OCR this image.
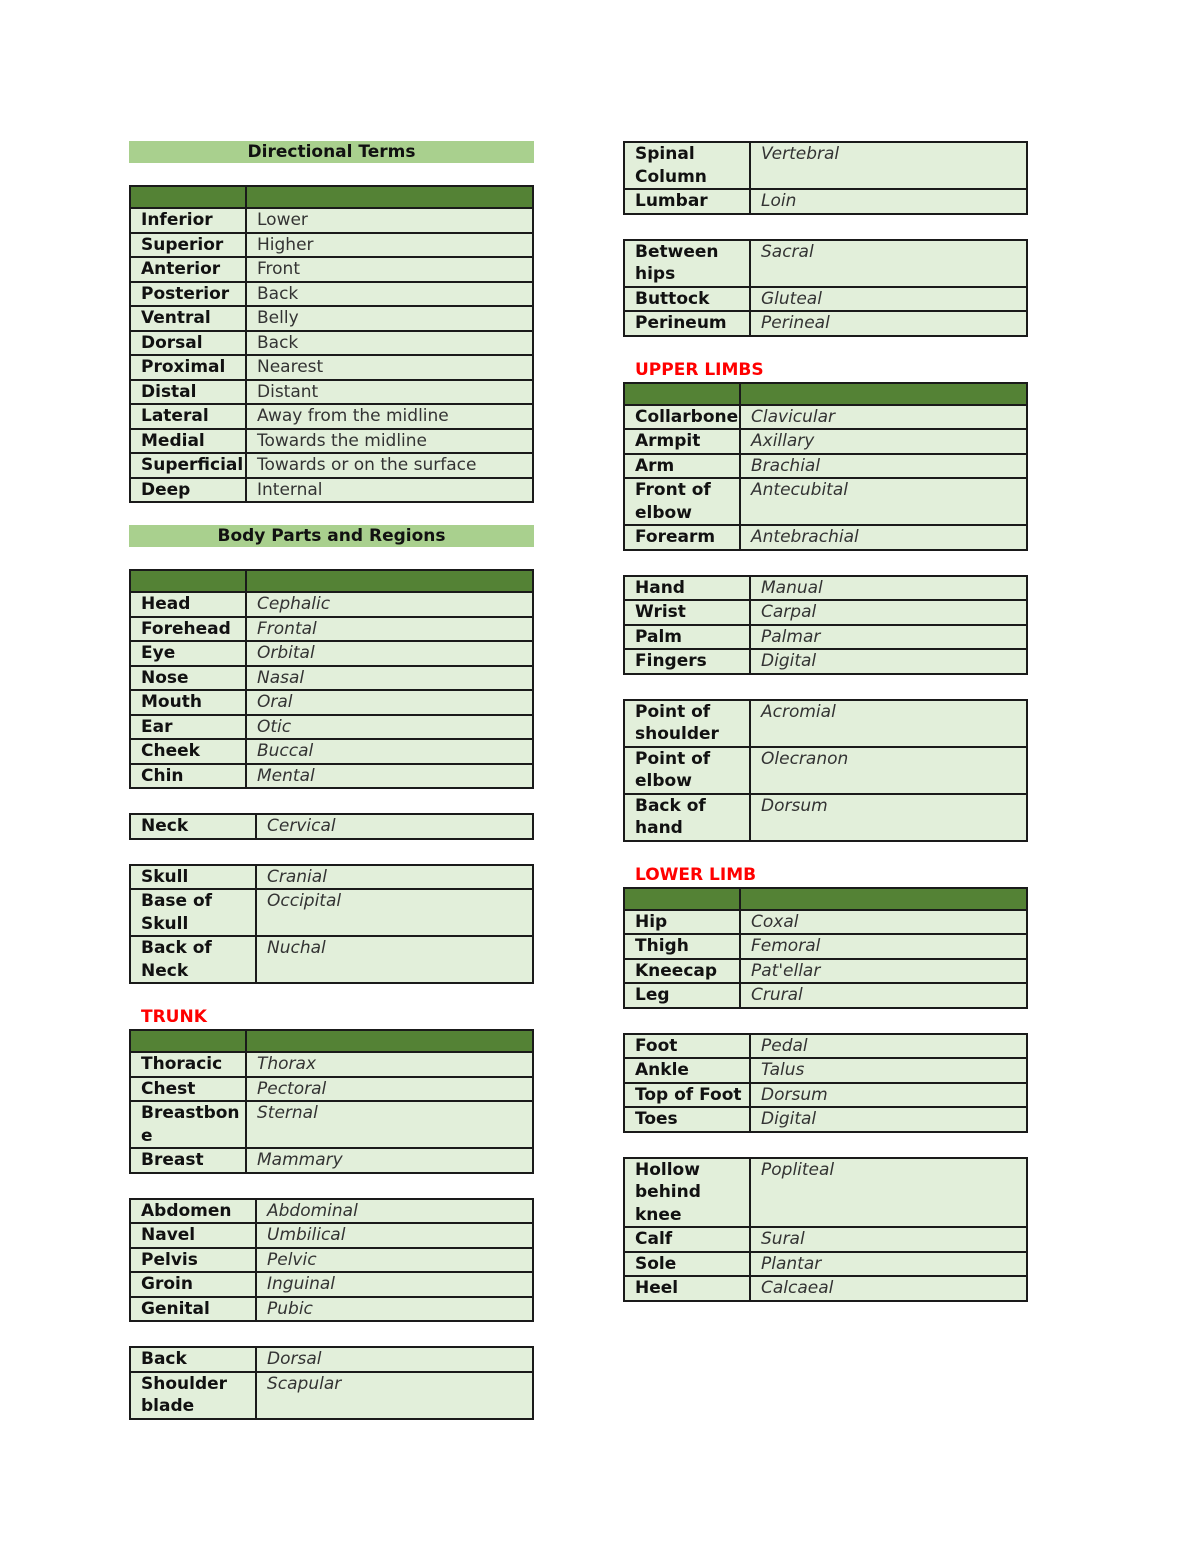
Directional Terms

Inferior	Lower
Superior	Higher
Anterior	Front
Posterior	Back
Ventral	Belly
Dorsal	Back
Proximal	Nearest
Distal	Distant
Lateral	Away from the midline
Medial	Towards the midline
Superficial	Towards or on the surface
Deep	Internal
Body Parts and Regions

Head	Cephalic
Forehead	Frontal
Eye	Orbital
Nose	Nasal
Mouth	Oral
Ear	Otic
Cheek	Buccal
Chin	Mental
Neck	Cervical
Skull	Cranial
Base of Skull	Occipital
Back of Neck	Nuchal
TRUNK

Thoracic	Thorax
Chest	Pectoral
Breastbone	Sternal
Breast	Mammary
Abdomen	Abdominal
Navel	Umbilical
Pelvis	Pelvic
Groin	Inguinal
Genital	Pubic
Back	Dorsal
Shoulder blade	Scapular
Spinal Column	Vertebral
Lumbar	Loin
Between hips	Sacral
Buttock	Gluteal
Perineum	Perineal
UPPER LIMBS

Collarbone	Clavicular
Armpit	Axillary
Arm	Brachial
Front of elbow	Antecubital
Forearm	Antebrachial
Hand	Manual
Wrist	Carpal
Palm	Palmar
Fingers	Digital
Point of shoulder	Acromial
Point of elbow	Olecranon
Back of hand	Dorsum
LOWER LIMB

Hip	Coxal
Thigh	Femoral
Kneecap	Pat'ellar
Leg	Crural
Foot	Pedal
Ankle	Talus
Top of Foot	Dorsum
Toes	Digital
Hollow behind knee	Popliteal
Calf	Sural
Sole	Plantar
Heel	Calcaeal
